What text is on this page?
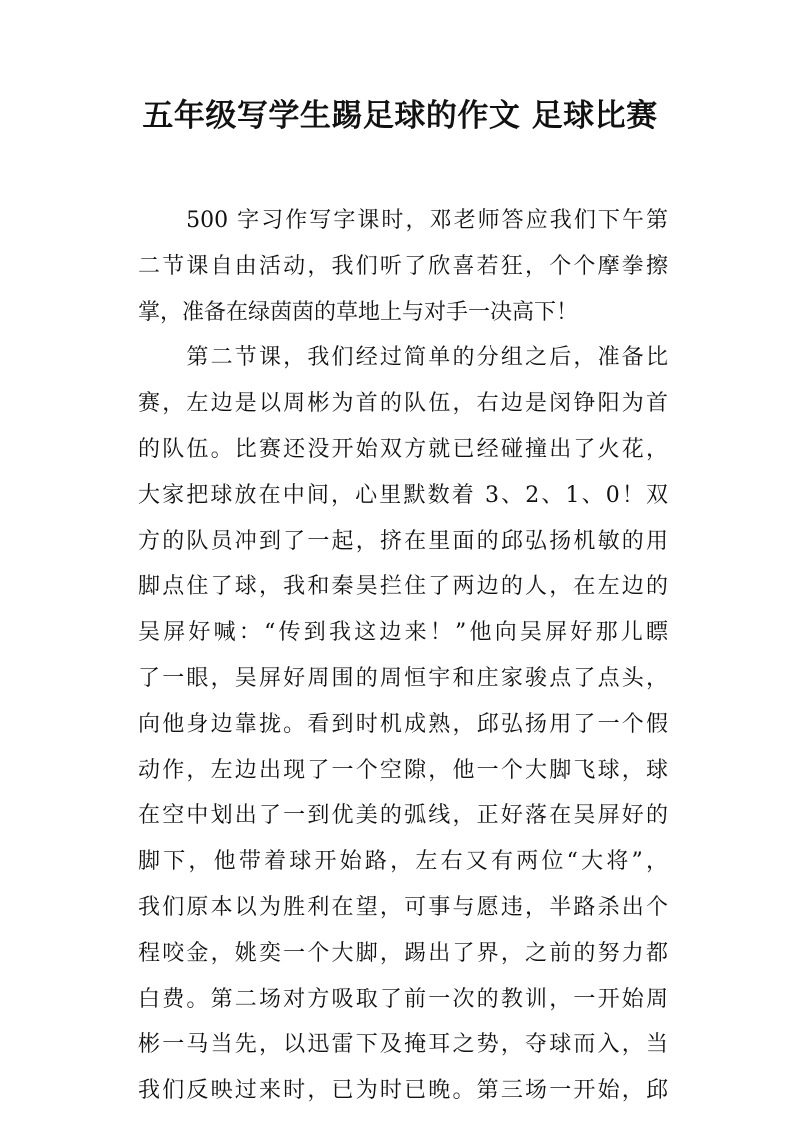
五年级写学生踢足球的作文 足球比赛
　　500 字习作写字课时，邓老师答应我们下午第
二节课自由活动，我们听了欣喜若狂，个个摩拳擦
掌，准备在绿茵茵的草地上与对手一决高下！
　　第二节课，我们经过简单的分组之后，准备比
赛，左边是以周彬为首的队伍，右边是闵铮阳为首
的队伍。比赛还没开始双方就已经碰撞出了火花，
大家把球放在中间，心里默数着 3、2、1、0！双
方的队员冲到了一起，挤在里面的邱弘扬机敏的用
脚点住了球，我和秦昊拦住了两边的人，在左边的
吴屏好喊：“传到我这边来！”他向吴屏好那儿瞟
了一眼，吴屏好周围的周恒宇和庄家骏点了点头，
向他身边靠拢。看到时机成熟，邱弘扬用了一个假
动作，左边出现了一个空隙，他一个大脚飞球，球
在空中划出了一到优美的弧线，正好落在吴屏好的
脚下，他带着球开始路，左右又有两位“大将”，
我们原本以为胜利在望，可事与愿违，半路杀出个
程咬金，姚奕一个大脚，踢出了界，之前的努力都
白费。第二场对方吸取了前一次的教训，一开始周
彬一马当先，以迅雷下及掩耳之势，夺球而入，当
我们反映过来时，已为时已晚。第三场一开始，邱
